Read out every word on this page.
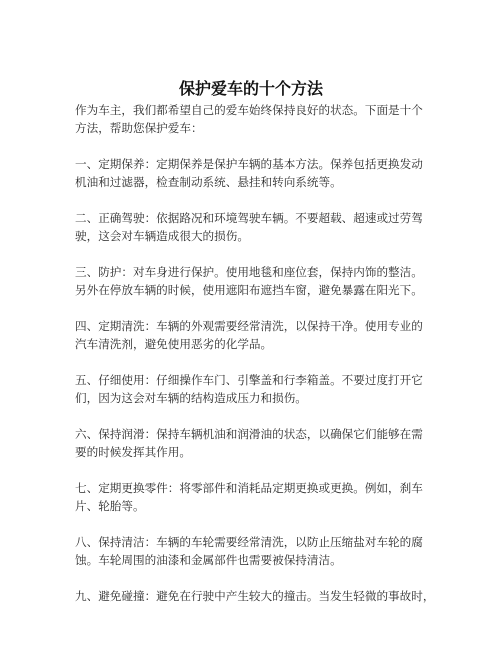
保护爱车的十个方法

作为车主，我们都希望自己的爱车始终保持良好的状态。下面是十个
方法，帮助您保护爱车：

一、定期保养：定期保养是保护车辆的基本方法。保养包括更换发动
机油和过滤器，检查制动系统、悬挂和转向系统等。

二、正确驾驶：依据路况和环境驾驶车辆。不要超载、超速或过劳驾
驶，这会对车辆造成很大的损伤。

三、防护：对车身进行保护。使用地毯和座位套，保持内饰的整洁。
另外在停放车辆的时候，使用遮阳布遮挡车窗，避免暴露在阳光下。

四、定期清洗：车辆的外观需要经常清洗，以保持干净。使用专业的
汽车清洗剂，避免使用恶劣的化学品。

五、仔细使用：仔细操作车门、引擎盖和行李箱盖。不要过度打开它
们，因为这会对车辆的结构造成压力和损伤。

六、保持润滑：保持车辆机油和润滑油的状态，以确保它们能够在需
要的时候发挥其作用。

七、定期更换零件：将零部件和消耗品定期更换或更换。例如，刹车
片、轮胎等。

八、保持清洁：车辆的车轮需要经常清洗，以防止压缩盐对车轮的腐
蚀。车轮周围的油漆和金属部件也需要被保持清洁。

九、避免碰撞：避免在行驶中产生较大的撞击。当发生轻微的事故时，
